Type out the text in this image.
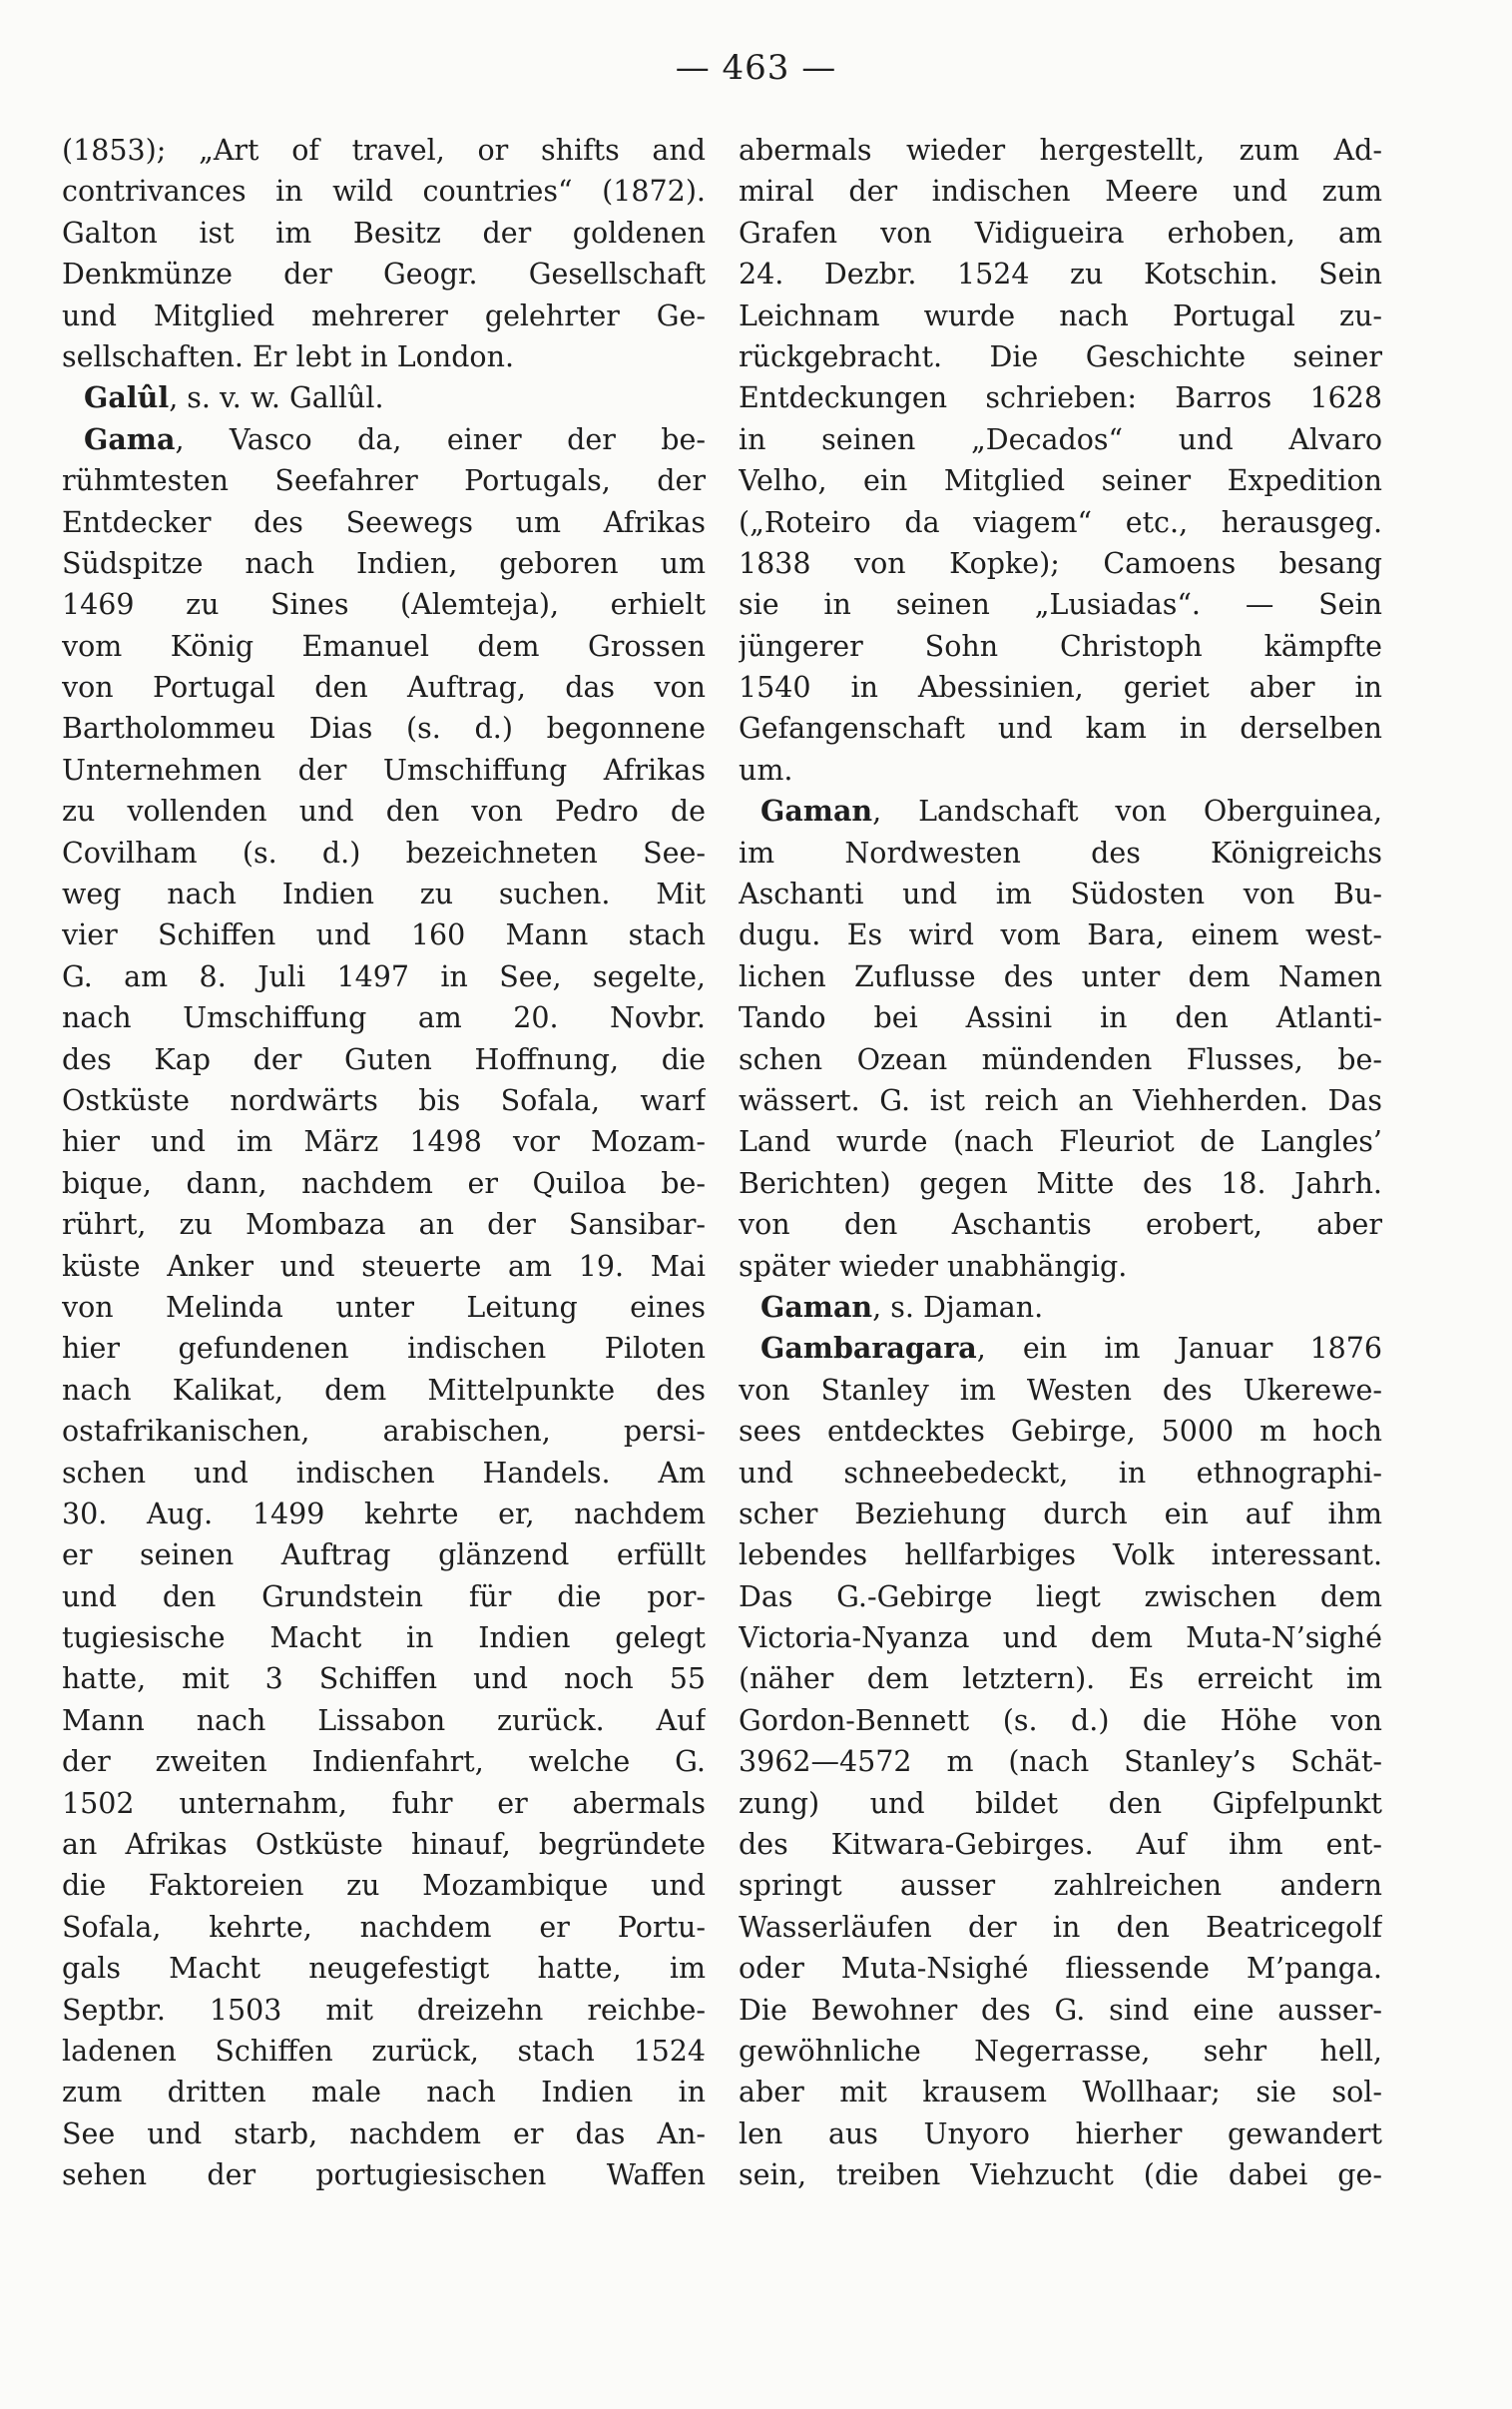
— 463 —
(1853); „Art of travel, or shifts and
contrivances in wild countries“ (1872).
Galton ist im Besitz der goldenen
Denkmünze der Geogr. Gesellschaft
und Mitglied mehrerer gelehrter Ge-
sellschaften. Er lebt in London.
Galûl, s. v. w. Gallûl.
Gama, Vasco da, einer der be-
rühmtesten Seefahrer Portugals, der
Entdecker des Seewegs um Afrikas
Südspitze nach Indien, geboren um
1469 zu Sines (Alemteja), erhielt
vom König Emanuel dem Grossen
von Portugal den Auftrag, das von
Bartholommeu Dias (s. d.) begonnene
Unternehmen der Umschiffung Afrikas
zu vollenden und den von Pedro de
Covilham (s. d.) bezeichneten See-
weg nach Indien zu suchen. Mit
vier Schiffen und 160 Mann stach
G. am 8. Juli 1497 in See, segelte,
nach Umschiffung am 20. Novbr.
des Kap der Guten Hoffnung, die
Ostküste nordwärts bis Sofala, warf
hier und im März 1498 vor Mozam-
bique, dann, nachdem er Quiloa be-
rührt, zu Mombaza an der Sansibar-
küste Anker und steuerte am 19. Mai
von Melinda unter Leitung eines
hier gefundenen indischen Piloten
nach Kalikat, dem Mittelpunkte des
ostafrikanischen, arabischen, persi-
schen und indischen Handels. Am
30. Aug. 1499 kehrte er, nachdem
er seinen Auftrag glänzend erfüllt
und den Grundstein für die por-
tugiesische Macht in Indien gelegt
hatte, mit 3 Schiffen und noch 55
Mann nach Lissabon zurück. Auf
der zweiten Indienfahrt, welche G.
1502 unternahm, fuhr er abermals
an Afrikas Ostküste hinauf, begründete
die Faktoreien zu Mozambique und
Sofala, kehrte, nachdem er Portu-
gals Macht neugefestigt hatte, im
Septbr. 1503 mit dreizehn reichbe-
ladenen Schiffen zurück, stach 1524
zum dritten male nach Indien in
See und starb, nachdem er das An-
sehen der portugiesischen Waffen
abermals wieder hergestellt, zum Ad-
miral der indischen Meere und zum
Grafen von Vidigueira erhoben, am
24. Dezbr. 1524 zu Kotschin. Sein
Leichnam wurde nach Portugal zu-
rückgebracht. Die Geschichte seiner
Entdeckungen schrieben: Barros 1628
in seinen „Decados“ und Alvaro
Velho, ein Mitglied seiner Expedition
(„Roteiro da viagem“ etc., herausgeg.
1838 von Kopke); Camoens besang
sie in seinen „Lusiadas“. — Sein
jüngerer Sohn Christoph kämpfte
1540 in Abessinien, geriet aber in
Gefangenschaft und kam in derselben
um.
Gaman, Landschaft von Oberguinea,
im Nordwesten des Königreichs
Aschanti und im Südosten von Bu-
dugu. Es wird vom Bara, einem west-
lichen Zuflusse des unter dem Namen
Tando bei Assini in den Atlanti-
schen Ozean mündenden Flusses, be-
wässert. G. ist reich an Viehherden. Das
Land wurde (nach Fleuriot de Langles’
Berichten) gegen Mitte des 18. Jahrh.
von den Aschantis erobert, aber
später wieder unabhängig.
Gaman, s. Djaman.
Gambaragara, ein im Januar 1876
von Stanley im Westen des Ukerewe-
sees entdecktes Gebirge, 5000 m hoch
und schneebedeckt, in ethnographi-
scher Beziehung durch ein auf ihm
lebendes hellfarbiges Volk interessant.
Das G.-Gebirge liegt zwischen dem
Victoria-Nyanza und dem Muta-N’sighé
(näher dem letztern). Es erreicht im
Gordon-Bennett (s. d.) die Höhe von
3962—4572 m (nach Stanley’s Schät-
zung) und bildet den Gipfelpunkt
des Kitwara-Gebirges. Auf ihm ent-
springt ausser zahlreichen andern
Wasserläufen der in den Beatricegolf
oder Muta-Nsighé fliessende M’panga.
Die Bewohner des G. sind eine ausser-
gewöhnliche Negerrasse, sehr hell,
aber mit krausem Wollhaar; sie sol-
len aus Unyoro hierher gewandert
sein, treiben Viehzucht (die dabei ge-
